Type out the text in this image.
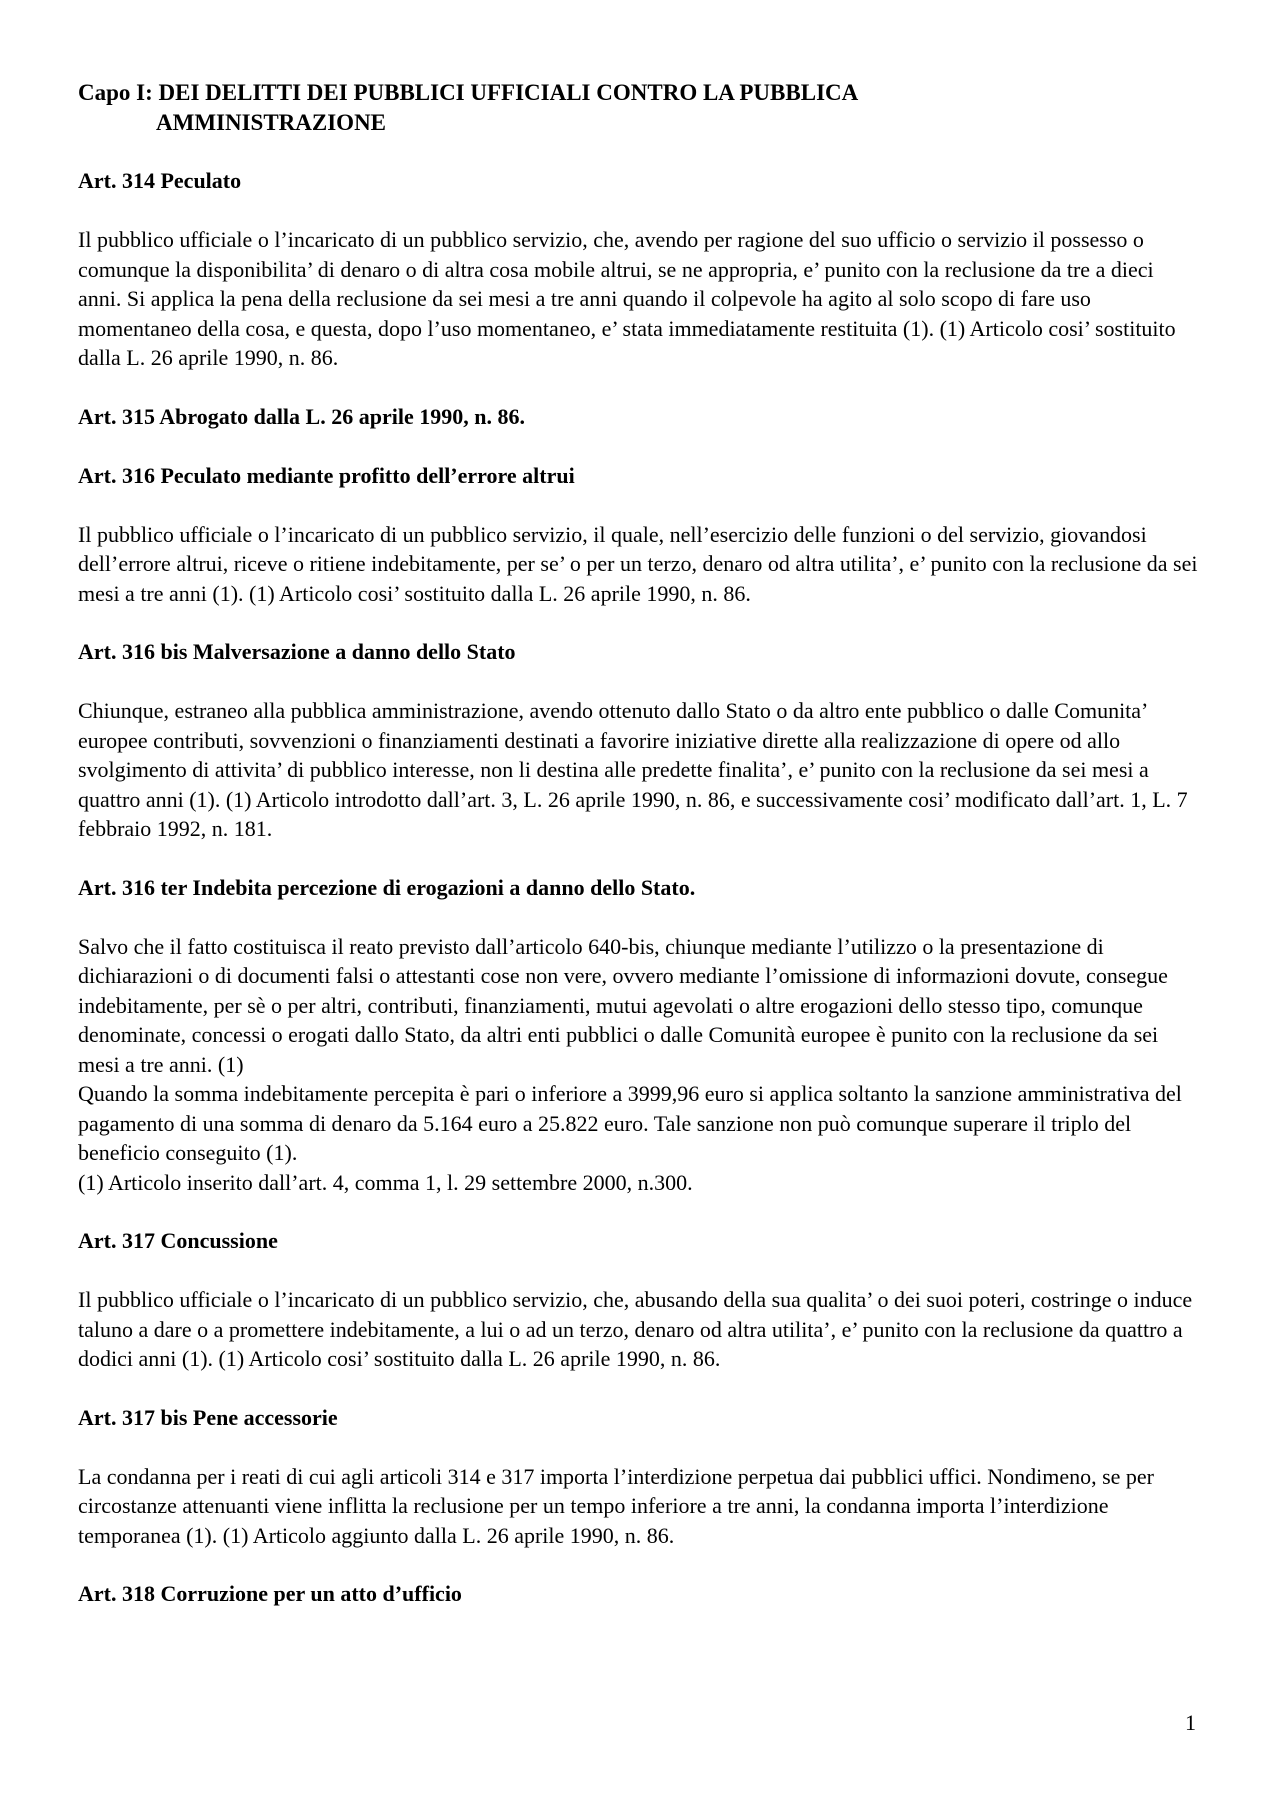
Capo I: DEI DELITTI DEI PUBBLICI UFFICIALI CONTRO LA PUBBLICA
AMMINISTRAZIONE
Art. 314 Peculato

Il pubblico ufficiale o l’incaricato di un pubblico servizio, che, avendo per ragione del suo ufficio o servizio il possesso o comunque la disponibilita’ di denaro o di altra cosa mobile altrui, se ne appropria, e’ punito con la reclusione da tre a dieci anni. Si applica la pena della reclusione da sei mesi a tre anni quando il colpevole ha agito al solo scopo di fare uso momentaneo della cosa, e questa, dopo l’uso momentaneo, e’ stata immediatamente restituita (1). (1) Articolo cosi’ sostituito dalla L. 26 aprile 1990, n. 86.

Art. 315 Abrogato dalla L. 26 aprile 1990, n. 86.
Art. 316 Peculato mediante profitto dell’errore altrui

Il pubblico ufficiale o l’incaricato di un pubblico servizio, il quale, nell’esercizio delle funzioni o del servizio, giovandosi dell’errore altrui, riceve o ritiene indebitamente, per se’ o per un terzo, denaro od altra utilita’, e’ punito con la reclusione da sei mesi a tre anni (1). (1) Articolo cosi’ sostituito dalla L. 26 aprile 1990, n. 86.

Art. 316 bis Malversazione a danno dello Stato

Chiunque, estraneo alla pubblica amministrazione, avendo ottenuto dallo Stato o da altro ente pubblico o dalle Comunita’ europee contributi, sovvenzioni o finanziamenti destinati a favorire iniziative dirette alla realizzazione di opere od allo svolgimento di attivita’ di pubblico interesse, non li destina alle predette finalita’, e’ punito con la reclusione da sei mesi a quattro anni (1). (1) Articolo introdotto dall’art. 3, L. 26 aprile 1990, n. 86, e successivamente cosi’ modificato dall’art. 1, L. 7 febbraio 1992, n. 181.

Art. 316 ter Indebita percezione di erogazioni a danno dello Stato.

Salvo che il fatto costituisca il reato previsto dall’articolo 640-bis, chiunque mediante l’utilizzo o la presentazione di dichiarazioni o di documenti falsi o attestanti cose non vere, ovvero mediante l’omissione di informazioni dovute, consegue indebitamente, per sè o per altri, contributi, finanziamenti, mutui agevolati o altre erogazioni dello stesso tipo, comunque denominate, concessi o erogati dallo Stato, da altri enti pubblici o dalle Comunità europee è punito con la reclusione da sei mesi a tre anni. (1)

Quando la somma indebitamente percepita è pari o inferiore a 3999,96 euro si applica soltanto la sanzione amministrativa del pagamento di una somma di denaro da 5.164 euro a 25.822 euro. Tale sanzione non può comunque superare il triplo del beneficio conseguito (1).

(1) Articolo inserito dall’art. 4, comma 1, l. 29 settembre 2000, n.300.

Art. 317 Concussione

Il pubblico ufficiale o l’incaricato di un pubblico servizio, che, abusando della sua qualita’ o dei suoi poteri, costringe o induce taluno a dare o a promettere indebitamente, a lui o ad un terzo, denaro od altra utilita’, e’ punito con la reclusione da quattro a dodici anni (1). (1) Articolo cosi’ sostituito dalla L. 26 aprile 1990, n. 86.

Art. 317 bis Pene accessorie

La condanna per i reati di cui agli articoli 314 e 317 importa l’interdizione perpetua dai pubblici uffici. Nondimeno, se per circostanze attenuanti viene inflitta la reclusione per un tempo inferiore a tre anni, la condanna importa l’interdizione temporanea (1). (1) Articolo aggiunto dalla L. 26 aprile 1990, n. 86.

Art. 318 Corruzione per un atto d’ufficio
1
